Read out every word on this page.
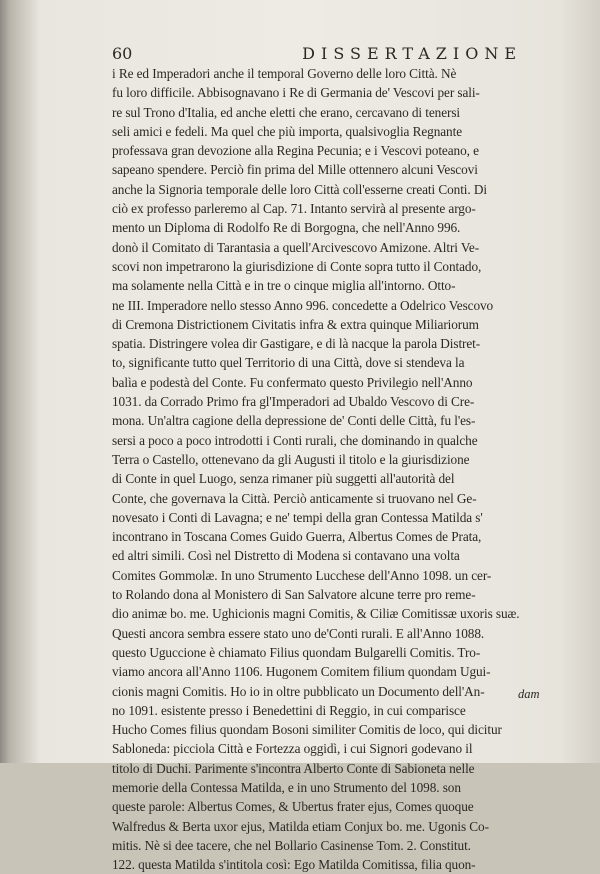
60	DISSERTAZIONE
i Re ed Imperadori anche il temporal Governo delle loro Città. Nè
fu loro difficile. Abbisognavano i Re di Germania de' Vescovi per sali-
re sul Trono d'Italia, ed anche eletti che erano, cercavano di tenersi
seli amici e fedeli. Ma quel che più importa, qualsivoglia Regnante
professava gran devozione alla Regina Pecunia; e i Vescovi poteano, e
sapeano spendere. Perciò fin prima del Mille ottennero alcuni Vescovi
anche la Signoria temporale delle loro Città coll'esserne creati Conti. Di
ciò ex professo parleremo al Cap. 71. Intanto servirà al presente argo-
mento un Diploma di Rodolfo Re di Borgogna, che nell'Anno 996.
donò il Comitato di Tarantasia a quell'Arcivescovo Amizone. Altri Ve-
scovi non impetrarono la giurisdizione di Conte sopra tutto il Contado,
ma solamente nella Città e in tre o cinque miglia all'intorno. Otto-
ne III. Imperadore nello stesso Anno 996. concedette a Odelrico Vescovo
di Cremona Districtionem Civitatis infra & extra quinque Miliariorum
spatia. Distringere volea dir Gastigare, e di là nacque la parola Distret-
to, significante tutto quel Territorio di una Città, dove si stendeva la
balìa e podestà del Conte. Fu confermato questo Privilegio nell'Anno
1031. da Corrado Primo fra gl'Imperadori ad Ubaldo Vescovo di Cre-
mona. Un'altra cagione della depressione de' Conti delle Città, fu l'es-
sersi a poco a poco introdotti i Conti rurali, che dominando in qualche
Terra o Castello, ottenevano da gli Augusti il titolo e la giurisdizione
di Conte in quel Luogo, senza rimaner più suggetti all'autorità del
Conte, che governava la Città. Perciò anticamente si truovano nel Ge-
novesato i Conti di Lavagna; e ne' tempi della gran Contessa Matilda s'
incontrano in Toscana Comes Guido Guerra, Albertus Comes de Prata,
ed altri simili. Così nel Distretto di Modena si contavano una volta
Comites Gommolæ. In uno Strumento Lucchese dell'Anno 1098. un cer-
to Rolando dona al Monistero di San Salvatore alcune terre pro reme-
dio animæ bo. me. Ughicionis magni Comitis, & Ciliæ Comitissæ uxoris suæ.
Questi ancora sembra essere stato uno de'Conti rurali. E all'Anno 1088.
questo Uguccione è chiamato Filius quondam Bulgarelli Comitis. Tro-
viamo ancora all'Anno 1106. Hugonem Comitem filium quondam Ugui-
cionis magni Comitis. Ho io in oltre pubblicato un Documento dell'An-
no 1091. esistente presso i Benedettini di Reggio, in cui comparisce
Hucho Comes filius quondam Bosoni similiter Comitis de loco, qui dicitur
Sabloneda: picciola Città e Fortezza oggidì, i cui Signori godevano il
titolo di Duchi. Parimente s'incontra Alberto Conte di Sabioneta nelle
memorie della Contessa Matilda, e in uno Strumento del 1098. son
queste parole: Albertus Comes, & Ubertus frater ejus, Comes quoque
Walfredus & Berta uxor ejus, Matilda etiam Conjux bo. me. Ugonis Co-
mitis. Nè si dee tacere, che nel Bollario Casinense Tom. 2. Constitut.
122. questa Matilda s'intitola così: Ego Matilda Comitissa, filia quon-
dam
